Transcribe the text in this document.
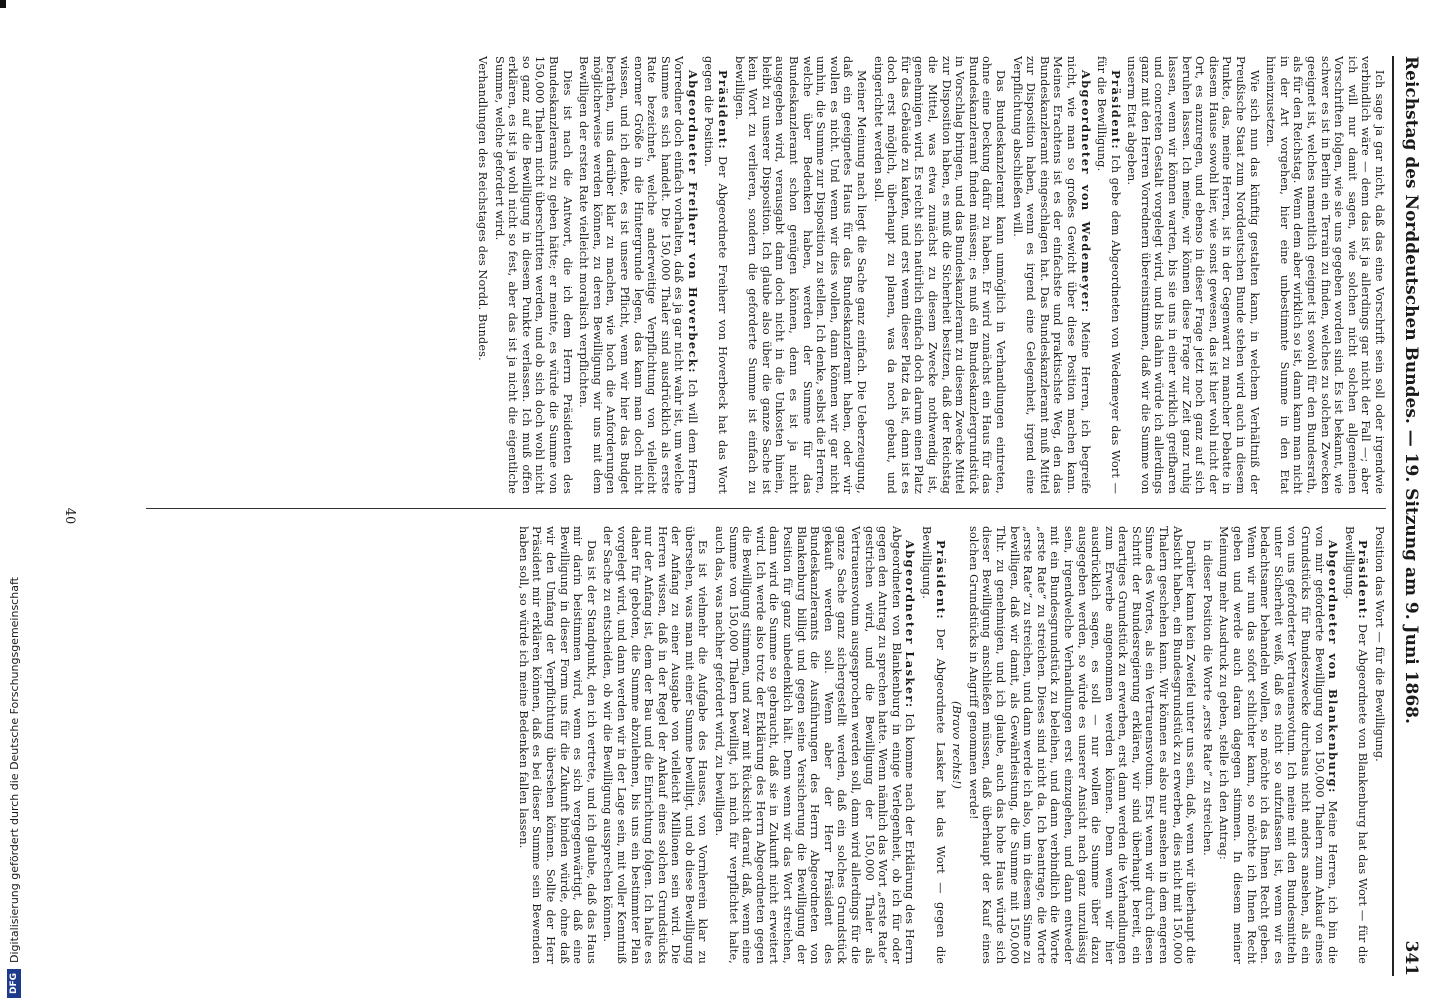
DFG
Digitalisierung gefördert durch die Deutsche Forschungsgemeinschaft
Reichstag des Norddeutschen Bundes. — 19. Sitzung am 9. Juni 1868.
341

Ich sage ja gar nicht, daß das eine Vorschrift sein soll oder irgendwie verbindlich wäre — denn das ist ja allerdings gar nicht der Fall —; aber ich will nur damit sagen, wie solchen nicht solchen allgemeinen Vorschriften folgen, wie sie uns gegeben worden sind. Es ist bekannt, wie schwer es ist in Berlin ein Terrain zu finden, welches zu solchen Zwecken geeignet ist, welches namentlich geeignet ist sowohl für den Bundesrath, als für den Reichstag. Wenn dem aber wirklich so ist, dann kann man nicht in der Art vorgehen, hier eine unbestimmte Summe in den Etat hineinzusetzen.

Wie sich nun das künftig gestalten kann, in welchem Verhältniß der Preußische Staat zum Norddeutschen Bunde stehen wird auch in diesem Punkte, das, meine Herren, ist in der Gegenwart zu mancher Debatte in diesem Hause sowohl hier, wie sonst gewesen, das ist hier wohl nicht der Ort, es anzuregen, und ebenso in dieser Frage jetzt noch ganz auf sich beruhen lassen. Ich meine, wir können diese Frage zur Zeit ganz ruhig lassen, wenn wir können warten, bis sie uns in einer wirklich greifbaren und concreten Gestalt vorgelegt wird, und bis dahin würde ich allerdings ganz mit den Herren Vorrednern übereinstimmen, daß wir die Summe von unserm Etat abgeben.

Präsident: Ich gebe dem Abgeordneten von Wedemeyer das Wort — für die Bewilligung.

Abgeordneter von Wedemeyer: Meine Herren, ich begreife nicht, wie man so großes Gewicht über diese Position machen kann. Meines Erachtens ist es der einfachste und praktischste Weg, den das Bundeskanzleramt eingeschlagen hat. Das Bundeskanzleramt muß Mittel zur Disposition haben, wenn es irgend eine Gelegenheit, irgend eine Verpflichtung abschließen will.

Das Bundeskanzleramt kann unmöglich in Verhandlungen eintreten, ohne eine Deckung dafür zu haben. Er wird zunächst ein Haus für das Bundeskanzleramt finden müssen; es muß ein Bundeskanzlergrundstück in Vorschlag bringen, und das Bundeskanzleramt zu diesem Zwecke Mittel zur Disposition haben, es muß die Sicherheit besitzen, daß der Reichstag die Mittel, was etwa zunächst zu diesem Zwecke nothwendig ist, genehmigen wird. Es reicht sich natürlich einfach doch darum einen Platz für das Gebäude zu kaufen, und erst wenn dieser Platz da ist, dann ist es doch erst möglich, überhaupt zu planen, was da noch gebaut, und eingerichtet werden soll.

Meiner Meinung nach liegt die Sache ganz einfach. Die Ueberzeugung, daß ein geeignetes Haus für das Bundeskanzleramt haben, oder wir wollen es nicht. Und wenn wir dies wollen, dann können wir gar nicht umhin, die Summe zur Disposition zu stellen. Ich denke, selbst die Herren, welche über Bedenken haben, werden der Summe für das Bundeskanzleramt schon genügen können, denn es ist ja nicht ausgegeben wird, verausgabt dann doch nicht in die Unkosten hinein, bleibt zu unserer Disposition. Ich glaube also über die ganze Sache ist kein Wort zu verlieren, sondern die geforderte Summe ist einfach zu bewilligen.

Präsident: Der Abgeordnete Freiherr von Hoverbeck hat das Wort gegen die Position.

Abgeordneter Freiherr von Hoverbeck: Ich will dem Herrn Vorredner doch einfach vorhalten, daß es ja gar nicht wahr ist, um welche Summe es sich handelt. Die 150,000 Thaler sind ausdrücklich als erste Rate bezeichnet, welche anderweitige Verpflichtung von vielleicht enormer Größe in die Hintergrunde legen, das kann man doch nicht wissen, und ich denke, es ist unsere Pflicht, wenn wir hier das Budget berathen, uns darüber klar zu machen, wie hoch die Anforderungen möglicherweise werden können, zu deren Bewilligung wir uns mit dem Bewilligen der ersten Rate vielleicht moralisch verpflichten.

Dies ist nach die Antwort, die ich dem Herrn Präsidenten des Bundeskanzleramts zu geben hätte; er meinte, es würde die Summe von 150,000 Thalern nicht überschritten werden, und ob sich doch wohl nicht so ganz auf die Bewilligung in diesem Punkte verlassen. Ich muß offen erklären, es ist ja wohl nicht so fest, aber das ist ja nicht die eigentliche Summe, welche gefordert wird.

Verhandlungen des Reichstages des Nordd. Bundes.

Position das Wort — für die Bewilligung.

Präsident: Der Abgeordnete von Blankenburg hat das Wort — für die Bewilligung.

Abgeordneter von Blankenburg: Meine Herren, ich bin die von mir geforderte Bewilligung von 150,000 Thalern zum Ankauf eines Grundstücks für Bundeszwecke durchaus nicht anders ansehen, als ein von uns geforderter Vertrauensvotum. Ich meine mit den Bundesmitteln unter Sicherheit weiß, daß es nicht so aufzufassen ist, wenn wir es bedachtsamer behandeln wollen, so möchte ich das Ihnen Recht geben. Wenn wir nun das sofort schlichter kann, so möchte ich Ihnen Recht geben und werde auch daran dagegen stimmen. In diesem meiner Meinung mehr Ausdruck zu geben, stelle ich den Antrag:

in dieser Position die Worte „erste Rate“ zu streichen.

Darüber kann kein Zweifel unter uns sein, daß, wenn wir überhaupt die Absicht haben, ein Bundesgrundstück zu erwerben, dies nicht mit 150,000 Thalern geschehen kann. Wir können es also nur ansehen in dem engeren Sinne des Wortes, als ein Vertrauensvotum. Erst wenn wir durch diesen Schritt der Bundesregierung erklären, wir sind überhaupt bereit, ein derartiges Grundstück zu erwerben, erst dann werden die Verhandlungen zum Erwerbe angenommen werden können. Denn wenn wir hier ausdrücklich sagen, es soll — nur wollen die Summe über dazu ausgegeben werden, so würde es unserer Ansicht nach ganz unzulässig sein, irgendwelche Verhandlungen erst einzugehen, und dann entweder mit ein Bundesgrundstück zu beleihen, und dann verbindlich die Worte „erste Rate“ zu streichen. Dieses sind nicht da. Ich beantrage, die Worte „erste Rate“ zu streichen, und dann werde ich also, um in diesem Sinne zu bewilligen, daß wir damit, als Gewährleistung, die Summe mit 150,000 Thlr. zu genehmigen, und ich glaube, auch das hohe Haus würde sich dieser Bewilligung anschließen müssen, daß überhaupt der Kauf eines solchen Grundstücks in Angriff genommen werde!

(Bravo rechts!)

Präsident: Der Abgeordnete Lasker hat das Wort — gegen die Bewilligung.

Abgeordneter Lasker: Ich komme nach der Erklärung des Herrn Abgeordneten von Blankenburg in einige Verlegenheit, ob ich für oder gegen den Antrag zu sprechen hatte. Wenn nämlich das Wort „erste Rate“ gestrichen wird, und die Bewilligung der 150,000 Thaler als Vertrauensvotum ausgesprochen werden soll, dann wird allerdings für die ganze Sache ganz sichergestellt werden, daß ein solches Grundstück gekauft werden soll. Wenn aber der Herr Präsident des Bundeskanzleramts die Ausführungen des Herrn Abgeordneten von Blankenburg billigt und gegen seine Versicherung die Bewilligung der Position für ganz unbedenklich hält. Denn wenn wir das Wort streichen, dann wird die Summe so gebraucht, daß sie in Zukunft nicht erweitert wird. Ich werde also trotz der Erklärung des Herrn Abgeordneten gegen die Bewilligung stimmen, und zwar mit Rücksicht darauf, daß, wenn eine Summe von 150,000 Thalern bewilligt, ich mich für verpflichtet halte, auch das, was nachher gefordert wird, zu bewilligen.

Es ist vielmehr die Aufgabe des Hauses, von Vornherein klar zu übersehen, was man mit einer Summe bewilligt, und ob diese Bewilligung der Anfang zu einer Ausgabe von vielleicht Millionen sein wird. Die Herren wissen, daß in der Regel der Ankauf eines solchen Grundstücks nur der Anfang ist, dem der Bau und die Einrichtung folgen. Ich halte es daher für geboten, die Summe abzulehnen, bis uns ein bestimmter Plan vorgelegt wird, und dann werden wir in der Lage sein, mit voller Kenntniß der Sache zu entscheiden, ob wir die Bewilligung aussprechen können.

Das ist der Standpunkt, den ich vertrete, und ich glaube, daß das Haus mir darin beistimmen wird, wenn es sich vergegenwärtigt, daß eine Bewilligung in dieser Form uns für die Zukunft binden würde, ohne daß wir den Umfang der Verpflichtung übersehen können. Sollte der Herr Präsident mir erklären können, daß es bei dieser Summe sein Bewenden haben soll, so würde ich meine Bedenken fallen lassen.

40
